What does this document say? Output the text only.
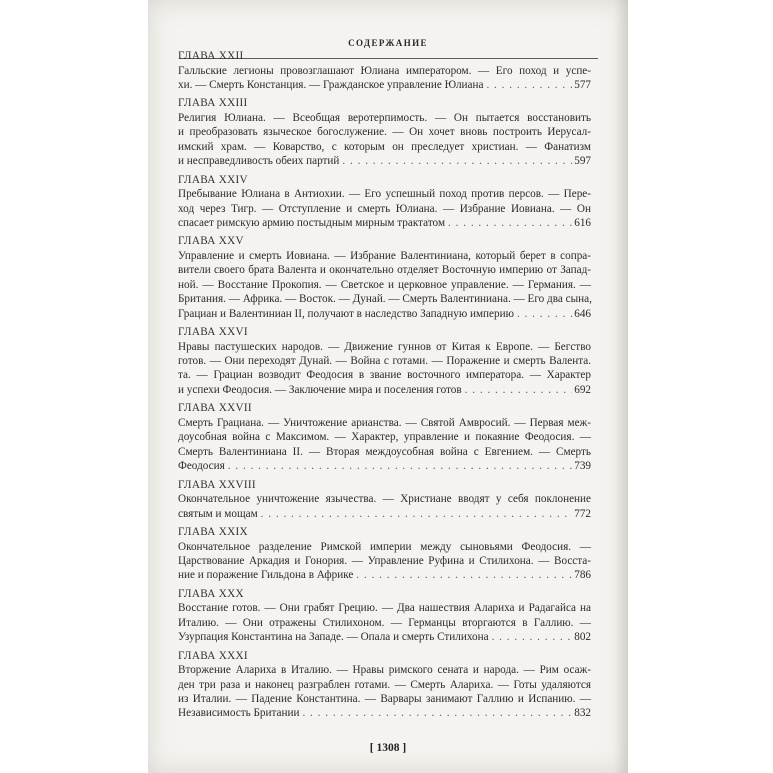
СОДЕРЖАНИЕ
ГЛАВА XXII
Галльские легионы провозглашают Юлиана императором. — Его поход и успе-
хи. — Смерть Констанция. — Гражданское управление Юлиана . . .	577
ГЛАВА XXIII
Религия Юлиана. — Всеобщая веротерпимость. — Он пытается восстановить
и преобразовать языческое богослужение. — Он хочет вновь построить Иерусал-
имский храм. — Коварство, с которым он преследует христиан. — Фанатизм
и несправедливость обеих партий . . .	597
ГЛАВА XXIV
Пребывание Юлиана в Антиохии. — Его успешный поход против персов. — Пере-
ход через Тигр. — Отступление и смерть Юлиана. — Избрание Иовиана. — Он
спасает римскую армию постыдным мирным трактатом . . .	616
ГЛАВА XXV
Управление и смерть Иовиана. — Избрание Валентиниана, который берет в сопра-
вители своего брата Валента и окончательно отделяет Восточную империю от Запад-
ной. — Восстание Прокопия. — Светское и церковное управление. — Германия. —
Британия. — Африка. — Восток. — Дунай. — Смерть Валентиниана. — Его два сына,
Грациан и Валентиниан II, получают в наследство Западную империю . . .	646
ГЛАВА XXVI
Нравы пастушеских народов. — Движение гуннов от Китая к Европе. — Бегство
готов. — Они переходят Дунай. — Война с готами. — Поражение и смерть Валента.
та. — Грациан возводит Феодосия в звание восточного императора. — Характер
и успехи Феодосия. — Заключение мира и поселения готов . . .	692
ГЛАВА XXVII
Смерть Грациана. — Уничтожение арианства. — Святой Амвросий. — Первая меж-
доусобная война с Максимом. — Характер, управление и покаяние Феодосия. —
Смерть Валентиниана II. — Вторая междоусобная война с Евгением. — Смерть
Феодосия . . .	739
ГЛАВА XXVIII
Окончательное уничтожение язычества. — Христиане вводят у себя поклонение
святым и мощам . . .	772
ГЛАВА XXIX
Окончательное разделение Римской империи между сыновьями Феодосия. —
Царствование Аркадия и Гонория. — Управление Руфина и Стилихона. — Восста-
ние и поражение Гильдона в Африке . . .	786
ГЛАВА XXX
Восстание готов. — Они грабят Грецию. — Два нашествия Алариха и Радагайса на
Италию. — Они отражены Стилихоном. — Германцы вторгаются в Галлию. —
Узурпация Константина на Западе. — Опала и смерть Стилихона . . .	802
ГЛАВА XXXI
Вторжение Алариха в Италию. — Нравы римского сената и народа. — Рим осаж-
ден три раза и наконец разграблен готами. — Смерть Алариха. — Готы удаляются
из Италии. — Падение Константина. — Варвары занимают Галлию и Испанию. —
Независимость Британии . . .	832
[ 1308 ]
